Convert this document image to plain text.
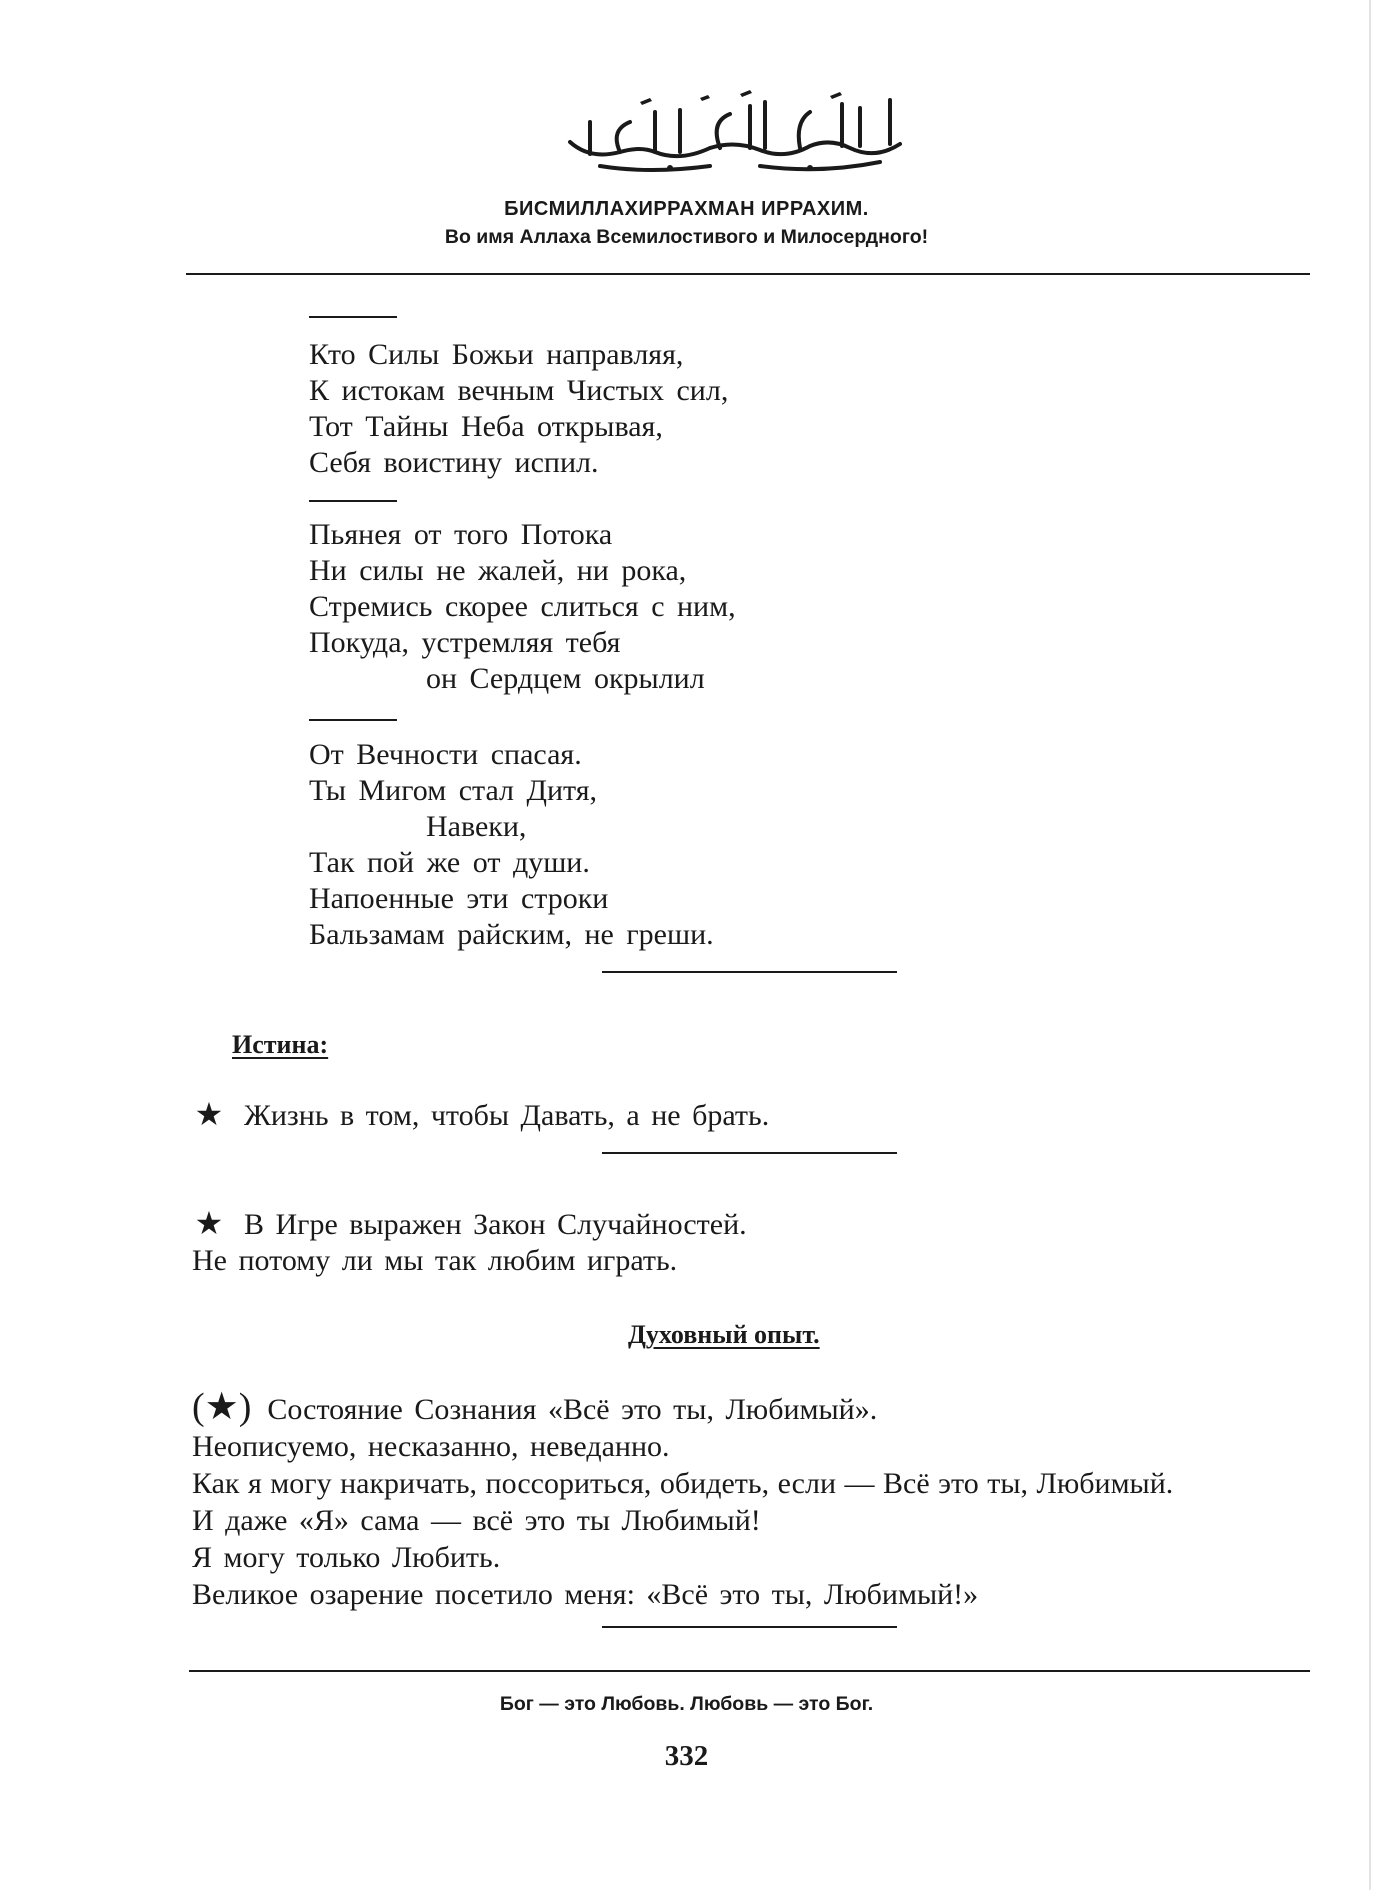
БИСМИЛЛАХИРРАХМАН ИРРАХИМ.
Во имя Аллаха Всемилостивого и Милосердного!
Кто Силы Божьи направляя,
К истокам вечным Чистых сил,
Тот Тайны Неба открывая,
Себя воистину испил.
Пьянея от того Потока
Ни силы не жалей, ни рока,
Стремись скорее слиться с ним,
Покуда, устремляя тебя
он Сердцем окрылил
От Вечности спасая.
Ты Мигом стал Дитя,
Навеки,
Так пой же от души.
Напоенные эти строки
Бальзамам райским, не греши.
Истина:
★ Жизнь в том, чтобы Давать, а не брать.
★ В Игре выражен Закон Случайностей.
Не потому ли мы так любим играть.
Духовный опыт.
(★) Состояние Сознания «Всё это ты, Любимый».
Неописуемо, несказанно, неведанно.
Как я могу накричать, поссориться, обидеть, если — Всё это ты, Любимый.
И даже «Я» сама — всё это ты Любимый!
Я могу только Любить.
Великое озарение посетило меня: «Всё это ты, Любимый!»
Бог — это Любовь. Любовь — это Бог.
332
